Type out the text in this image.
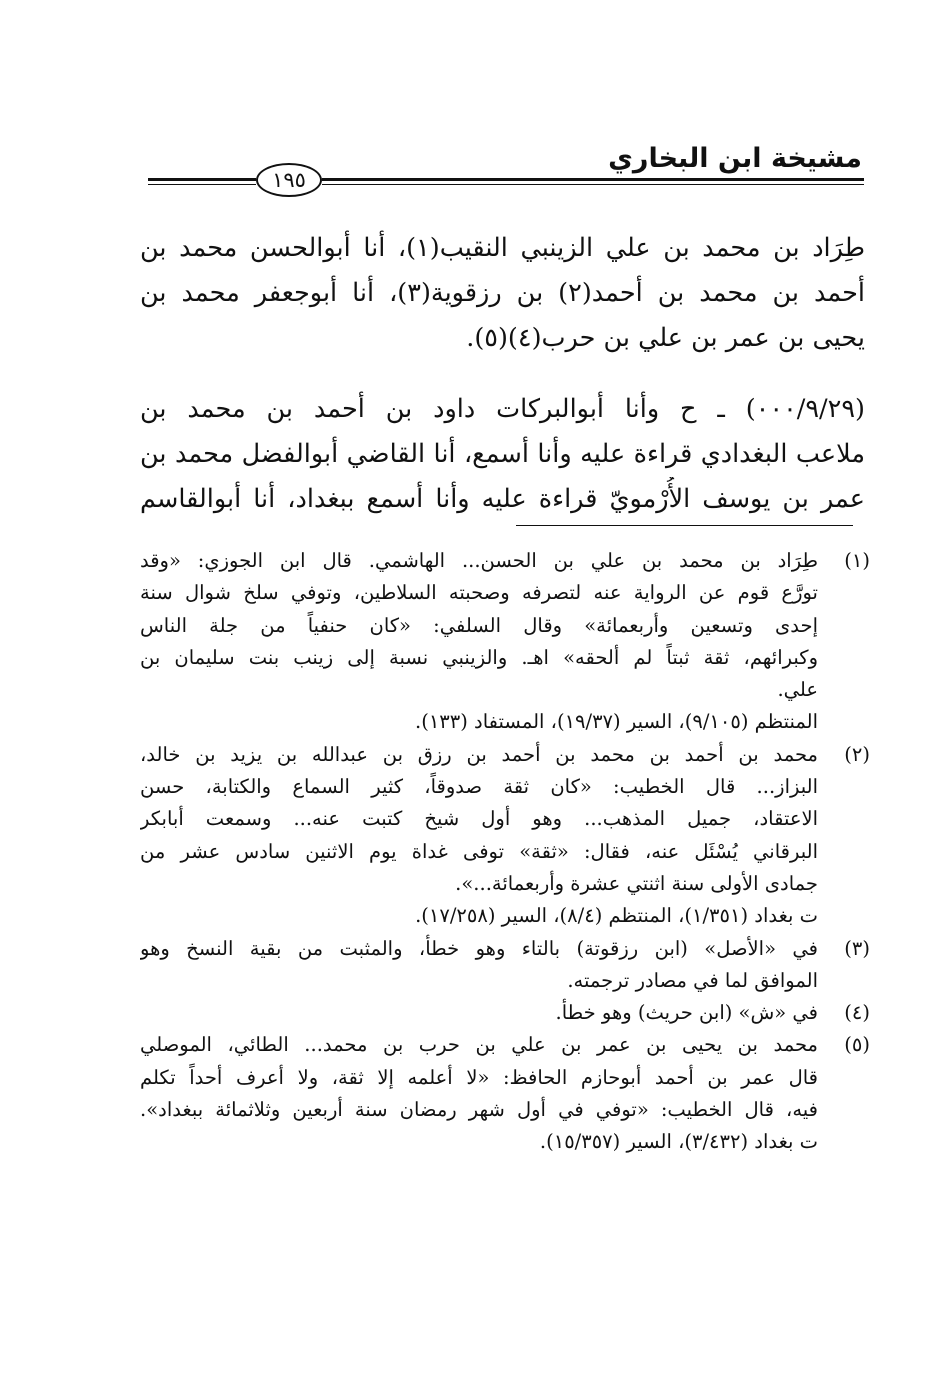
مشيخة ابن البخاري
١٩٥
طِرَاد بن محمد بن علي الزينبي النقيب(١)، أنا أبوالحسن محمد بن
أحمد بن محمد بن أحمد(٢) بن رزقوية(٣)، أنا أبوجعفر محمد بن
يحيى بن عمر بن علي بن حرب(٤)(٥).
(٠٠٠/٩/٢٩) ـ ح وأنا أبوالبركات داود بن أحمد بن محمد بن
ملاعب البغدادي قراءة عليه وأنا أسمع، أنا القاضي أبوالفضل محمد بن
عمر بن يوسف الأُرْمويّ قراءة عليه وأنا أسمع ببغداد، أنا أبوالقاسم
(١)
طِرَاد بن محمد بن علي بن الحسن... الهاشمي. قال ابن الجوزي: «وقد
تورَّع قوم عن الرواية عنه لتصرفه وصحبته السلاطين، وتوفي سلخ شوال سنة
إحدى وتسعين وأربعمائة» وقال السلفي: «كان حنفياً من جلة الناس
وكبرائهم، ثقة ثبتاً لم ألحقه» اهـ. والزينبي نسبة إلى زينب بنت سليمان بن
علي.
المنتظم (٩/١٠٥)، السير (١٩/٣٧)، المستفاد (١٣٣).
(٢)
محمد بن أحمد بن محمد بن أحمد بن رزق بن عبدالله بن يزيد بن خالد،
البزاز... قال الخطيب: «كان ثقة صدوقاً، كثير السماع والكتابة، حسن
الاعتقاد، جميل المذهب... وهو أول شيخ كتبت عنه... وسمعت أبابكر
البرقاني يُسْئَل عنه، فقال: «ثقة» توفى غداة يوم الاثنين سادس عشر من
جمادى الأولى سنة اثنتي عشرة وأربعمائة...».
ت بغداد (١/٣٥١)، المنتظم (٨/٤)، السير (١٧/٢٥٨).
(٣)
في «الأصل» (ابن رزقوتة) بالتاء وهو خطأ، والمثبت من بقية النسخ وهو
الموافق لما في مصادر ترجمته.
(٤)
في «ش» (ابن حريث) وهو خطأ.
(٥)
محمد بن يحيى بن عمر بن علي بن حرب بن محمد... الطائي، الموصلي
قال عمر بن أحمد أبوحازم الحافظ: «لا أعلمه إلا ثقة، ولا أعرف أحداً تكلم
فيه، قال الخطيب: «توفي في أول شهر رمضان سنة أربعين وثلاثمائة ببغداد».
ت بغداد (٣/٤٣٢)، السير (١٥/٣٥٧).
